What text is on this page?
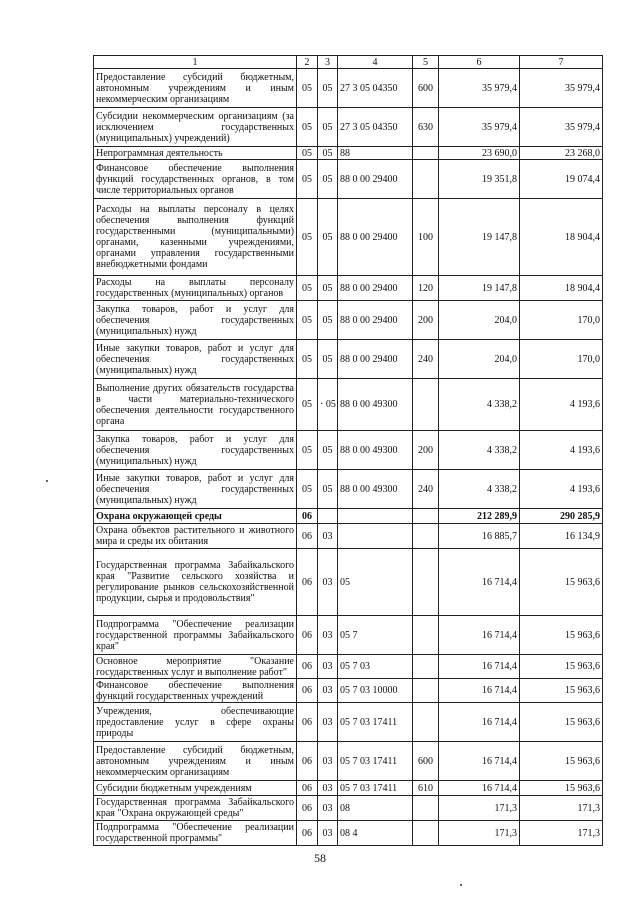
1	2	3	4	5	6	7
Предоставление субсидий бюджетным, автономным учреждениям и иным некоммерческим организациям	05	05	27 3 05 04350	600	35 979,4	35 979,4
Субсидии некоммерческим организациям (за исключением государственных (муниципальных) учреждений)	05	05	27 3 05 04350	630	35 979,4	35 979,4
Непрограммная деятельность	05	05	88		23 690,0	23 268,0
Финансовое обеспечение выполнения функций государственных органов, в том числе территориальных органов	05	05	88 0 00 29400		19 351,8	19 074,4
Расходы на выплаты персоналу в целях обеспечения выполнения функций государственными (муниципальными) органами, казенными учреждениями, органами управления государственными внебюджетными фондами	05	05	88 0 00 29400	100	19 147,8	18 904,4
Расходы на выплаты персоналу государственных (муниципальных) органов	05	05	88 0 00 29400	120	19 147,8	18 904,4
Закупка товаров, работ и услуг для обеспечения государственных (муниципальных) нужд	05	05	88 0 00 29400	200	204,0	170,0
Иные закупки товаров, работ и услуг для обеспечения государственных (муниципальных) нужд	05	05	88 0 00 29400	240	204,0	170,0
Выполнение других обязательств государства в части материально-технического обеспечения деятельности государственного органа	05	· 05	88 0 00 49300		4 338,2	4 193,6
Закупка товаров, работ и услуг для обеспечения государственных (муниципальных) нужд	05	05	88 0 00 49300	200	4 338,2	4 193,6
Иные закупки товаров, работ и услуг для обеспечения государственных (муниципальных) нужд	05	05	88 0 00 49300	240	4 338,2	4 193,6
Охрана окружающей среды	06				212 289,9	290 285,9
Охрана объектов растительного и животного мира и среды их обитания	06	03			16 885,7	16 134,9
Государственная программа Забайкальского края "Развитие сельского хозяйства и регулирование рынков сельскохозяйственной продукции, сырья и продовольствия"	06	03	05		16 714,4	15 963,6
Подпрограмма "Обеспечение реализации государственной программы Забайкальского края"	06	03	05 7		16 714,4	15 963,6
Основное мероприятие "Оказание государственных услуг и выполнение работ"	06	03	05 7 03		16 714,4	15 963,6
Финансовое обеспечение выполнения функций государственных учреждений	06	03	05 7 03 10000		16 714,4	15 963,6
Учреждения, обеспечивающие предоставление услуг в сфере охраны природы	06	03	05 7 03 17411		16 714,4	15 963,6
Предоставление субсидий бюджетным, автономным учреждениям и иным некоммерческим организациям	06	03	05 7 03 17411	600	16 714,4	15 963,6
Субсидии бюджетным учреждениям	06	03	05 7 03 17411	610	16 714,4	15 963,6
Государственная программа Забайкальского края "Охрана окружающей среды"	06	03	08		171,3	171,3
Подпрограмма "Обеспечение реализации государственной программы"	06	03	08 4		171,3	171,3
58
